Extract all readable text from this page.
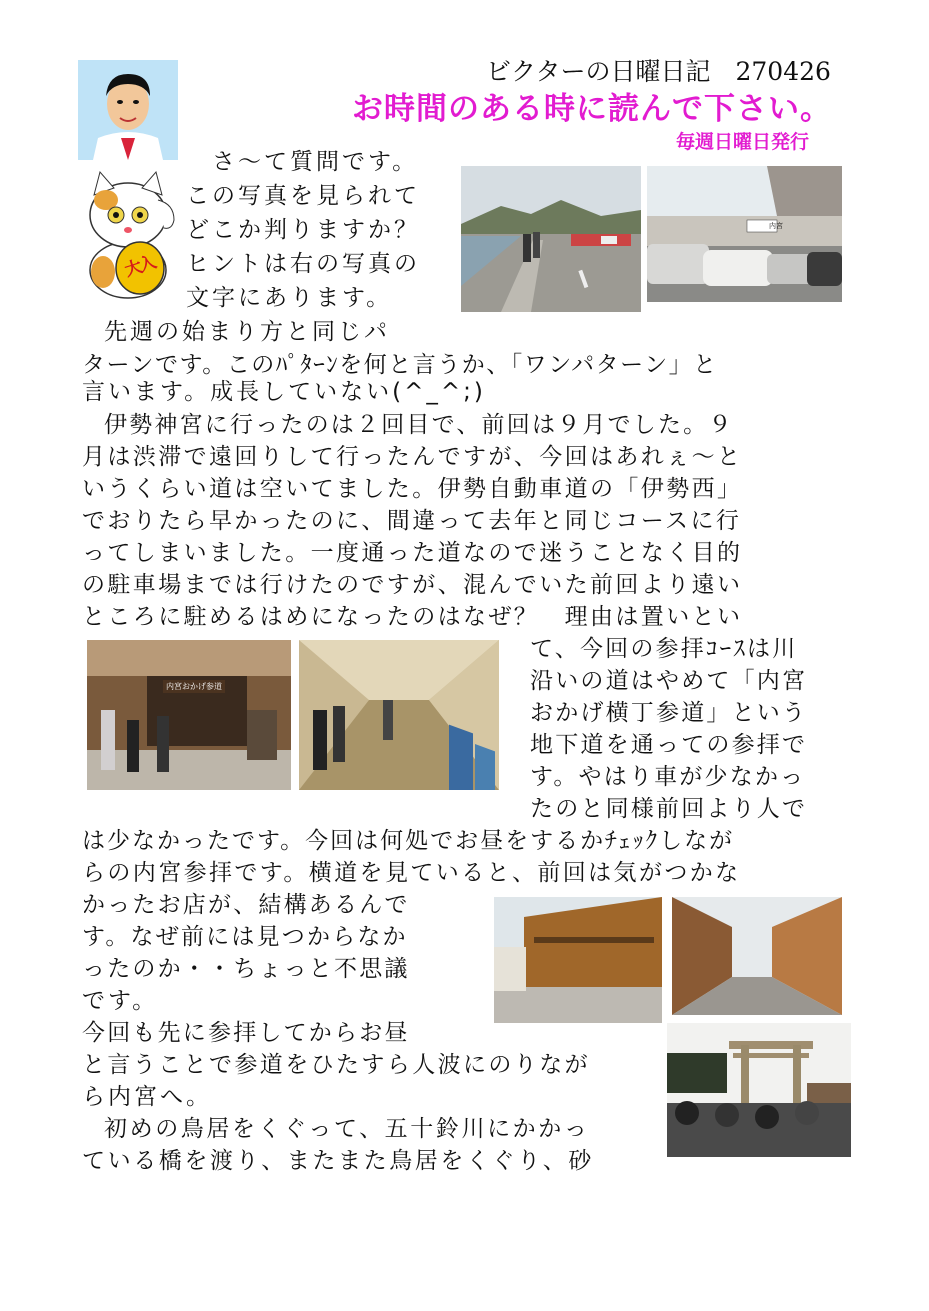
ビクターの日曜日記　270426
お時間のある時に読んで下さい。
毎週日曜日発行
大入
内宮
内宮おかげ参道
さ～て質問です。
この写真を見られて
どこか判りますか？
ヒントは右の写真の
文字にあります。
先週の始まり方と同じパ
ターンです。このﾊﾟﾀｰﾝを何と言うか、「ワンパターン」と
言います。成長していない(^_^;)
伊勢神宮に行ったのは２回目で、前回は９月でした。９
月は渋滞で遠回りして行ったんですが、今回はあれぇ～と
いうくらい道は空いてました。伊勢自動車道の「伊勢西」
でおりたら早かったのに、間違って去年と同じコースに行
ってしまいました。一度通った道なので迷うことなく目的
の駐車場までは行けたのですが、混んでいた前回より遠い
ところに駐めるはめになったのはなぜ？　理由は置いとい
て、今回の参拝ｺｰｽは川
沿いの道はやめて「内宮
おかげ横丁参道」という
地下道を通っての参拝で
す。やはり車が少なかっ
たのと同様前回より人で
は少なかったです。今回は何処でお昼をするかﾁｪｯｸしなが
らの内宮参拝です。横道を見ていると、前回は気がつかな
かったお店が、結構あるんで
す。なぜ前には見つからなか
ったのか・・ちょっと不思議
です。
今回も先に参拝してからお昼
と言うことで参道をひたすら人波にのりなが
ら内宮へ。
初めの鳥居をくぐって、五十鈴川にかかっ
ている橋を渡り、またまた鳥居をくぐり、砂
